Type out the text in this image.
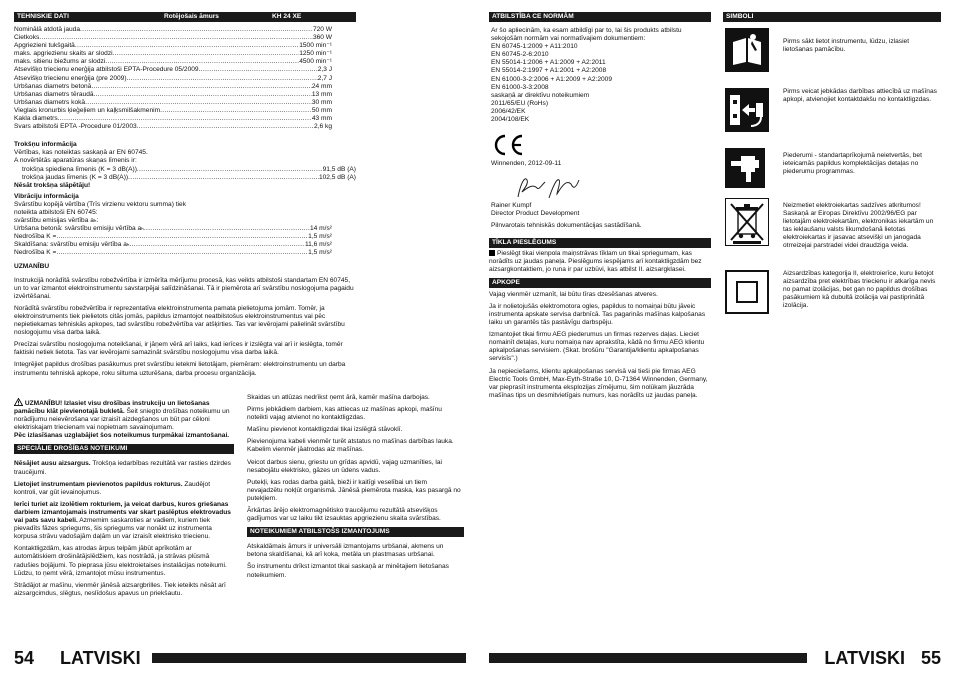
TEHNISKIE DATI	Rotējošais āmurs	KH 24 XE
Nominālā atdotā jauda .....	720 W
Cietkoks .....	360 W
Apgriezieni tukšgaitā .....	1500 min⁻¹
maks. apgriezienu skaits ar slodzi .....	1250 min⁻¹
maks. sitienu biežums ar slodzi .....	4500 min⁻¹
Atsevišķo triecienu enerģija atbilstoši EPTA-Procedure 05/2009 .....	2,3 J
Atsevišķo triecienu enerģija (pre 2009) .....	2,7 J
Urbšanas diametrs betonā .....	24 mm
Urbšanas diametrs tēraudā .....	13 mm
Urbšanas diametrs kokā .....	30 mm
Vieglais kronurbis ķieģeļiem un kaļķsmilšakmenim .....	50 mm
Kakla diametrs .....	43 mm
Svars atbilstoši EPTA -Procedure 01/2003 .....	2,6 kg
Trokšņu informācija
Vērtības, kas noteiktas saskaņā ar EN 60745.
A novērtētās aparatūras skaņas līmenis ir:
trokšņa spiediena līmenis (K = 3 dB(A)) .....	91,5 dB (A)
trokšņa jaudas līmenis (K = 3 dB(A)) .....	102,5 dB (A)
Nēsāt trokšņa slāpētāju!
Vibrāciju informācija
Svārstību kopējā vērtība (Trīs virzienu vektoru summa) tiek
noteikta atbilstoši EN 60745:
svārstību emisijas vērtība aₕ:
Urbšana betonā: svārstību emisiju vērtība aₕ .....	14 m/s²
Nedrošība K = .....	1,5 m/s²
Skaldīšana: svārstību emisiju vērtība aₕ .....	11,6 m/s²
Nedrošība K = .....	1,5 m/s²
UZMANĪBU

Instrukcijā norādītā svārstību robežvērtība ir izmērīta mērījumu procesā, kas veikts atbilstoši standartam EN 60745, un to var izmantot elektroinstrumentu savstarpējai salīdzināšanai. Tā ir piemērota arī svārstību noslogojuma pagaidu izvērtēšanai.

Norādītā svārstību robežvērtība ir reprezentatīva elektroinstrumenta pamata pielietojuma jomām. Tomēr, ja elektroinstruments tiek pielietots citās jomās, papildus izmantojot neatbilstošus elektroinstrumentus vai pēc nepietiekamas tehniskās apkopes, tad svārstību robežvērtība var atšķirties. Tas var ievērojami palielināt svārstību noslogojumu visa darba laikā.

Precīzai svārstību noslogojuma noteikšanai, ir jāņem vērā arī laiks, kad ierīces ir izslēgta vai arī ir ieslēgta, tomēr faktiski netiek lietota. Tas var ievērojami samazināt svārstību noslogojumu visa darba laikā.

Integrējiet papildus drošības pasākumus pret svārstību ietekmi lietotājam, piemēram: elektroinstrumentu un darba instrumentu tehniskā apkope, roku siltuma uzturēšana, darba procesu organizācija.

UZMANĪBU! Izlasiet visu drošības instrukciju un lietošanas pamācību klāt pievienotajā bukletā. Šeit sniegto drošības noteikumu un norādījumu neievērošana var izraisīt aizdegšanos un būt par cēloni elektriskajam triecienam vai nopietnam savainojumam.

Pēc izlasīšanas uzglabājiet šos noteikumus turpmākai izmantošanai.

SPECIĀLIE DROŠĪBAS NOTEIKUMI

Nēsājiet ausu aizsargus. Trokšņa iedarbības rezultātā var rasties dzirdes traucējumi.

Lietojiet instrumentam pievienotos papildus rokturus. Zaudējot kontroli, var gūt ievainojumus.

Ierīci turiet aiz izolētiem rokturiem, ja veicat darbus, kuros griešanas darbiem izmantojamais instruments var skart paslēptus elektrovadus vai pats savu kabeli. Azmemim saskaroties ar vadiem, kuriem tiek pievadīts fāzes spriegums, šis spriegums var nonākt uz instrumenta korpusa strāvu vadošajām daļām un var izraisīt elektrisko triecienu.

Kontaktligzdām, kas atrodas ārpus telpām jābūt aprīkotām ar automātiskiem drošinātājslēdžiem, kas nostrādā, ja strāvas plūsmā radušies bojājumi. To pieprasa jūsu elektroietaises instalācijas noteikumi. Lūdzu, to ņemt vērā, izmantojot mūsu instrumentus.

Strādājot ar mašīnu, vienmēr jānēsā aizsargbrilles. Tiek ieteikts nēsāt arī aizsargcimdus, slēgtus, neslīdošus apavus un priekšautu.

Skaidas un atlūzas nedrīkst ņemt ārā, kamēr mašīna darbojas.

Pirms jebkādiem darbiem, kas attiecas uz mašīnas apkopi, mašīnu noteikti vajag atvienot no kontaktligzdas.

Mašīnu pievienot kontaktligzdai tikai izslēgtā stāvoklī.

Pievienojuma kabeli vienmēr turēt atstatus no mašīnas darbības lauka. Kabelim vienmēr jāatrodas aiz mašīnas.

Veicot darbus sienu, griestu un grīdas apvidū, vajag uzmanīties, lai nesabojātu elektrisko, gāzes un ūdens vadus.

Putekļi, kas rodas darba gaitā, bieži ir kaitīgi veselībai un tiem nevajadzētu nokļūt organismā. Jānēsā piemērota maska, kas pasargā no putekļiem.

Ārkārtas ārējo elektromagnētisko traucējumu rezultātā atsevišķos gadījumos var uz laiku tikt izsauktas apgriezienu skaita svārstības.

NOTEIKUMIEM ATBILSTOŠS IZMANTOJUMS

Atskaldāmais āmurs ir universāli izmantojams urbšanai, akmens un betona skaldīšanai, kā arī koka, metāla un plastmasas urbšanai.

Šo instrumentu drīkst izmantot tikai saskaņā ar minētajiem lietošanas noteikumiem.

54 LATVISKI
ATBILSTĪBA CE NORMĀM
Ar šo apliecinām, ka esam atbildīgi par to, lai šis produkts atbilstu sekojošām normām vai normatīvajiem dokumentiem:
EN 60745-1:2009 + A11:2010
EN 60745-2-6:2010
EN 55014-1:2006 + A1:2009 + A2:2011
EN 55014-2:1997 + A1:2001 + A2:2008
EN 61000-3-2:2006 + A1:2009 + A2:2009
EN 61000-3-3:2008
saskaņā ar direktīvu noteikumiem
2011/65/EU (RoHs)
2006/42/EK
2004/108/EK
Winnenden, 2012-09-11
Rainer Kumpf
Director Product Development
Pilnvarotais tehniskās dokumentācijas sastādīšanā.
TĪKLA PIESLĒGUMS

Pieslēgt tikai vienpola maiņstrāvas tīklam un tikai spriegumam, kas norādīts uz jaudas paneļa. Pieslēgums iespējams arī kontaktligzdām bez aizsargkontaktiem, jo runa ir par uzbūvi, kas atbilst II. aizsargklasei.

APKOPE

Vajag vienmēr uzmanīt, lai būtu tīras dzesēšanas atveres.

Ja ir nolietojušās elektromotora ogles, papildus to nomaiņai būtu jāveic instrumenta apskate servisa darbnīcā. Tas pagarinās mašīnas kalpošanas laiku un garantēs tās pastāvīgu darbspēju.

Izmantojiet tikai firmu AEG piederumus un firmas rezerves daļas. Lieciet nomainīt detaļas, kuru nomaiņa nav aprakstīta, kādā no firmu AEG klientu apkalpošanas servisiem. (Skat. brošūru "Garantija/klientu apkalpošanas servisīs".)

Ja nepieciešams, klientu apkalpošanas servisā vai tieši pie firmas AEG Electric Tools GmbH, Max-Eyth-Straße 10, D-71364 Winnenden, Germany, var pieprasīt instrumenta eksplozijas zīmējumu, šim nolūkam jāuzrāda mašīnas tips un desmitvietīgais numurs, kas norādīts uz jaudas paneļa.

SIMBOLI
Pirms sākt lietot instrumentu, lūdzu, izlasiet lietošanas pamācību.
Pirms veicat jebkādas darbības attiecībā uz mašīnas apkopi, atvienojiet kontaktdakšu no kontaktligzdas.
Piederumi - standartaprīkojumā neietvertās, bet ieteicamās papildus komplektācijas detaļas no piederumu programmas.
Neizmetiet elektroiekartas sadzīves atkritumos! Saskaņā ar Eiropas Direktīvu 2002/96/EG par lietotajām elektroiekartām, elektronikas iekartām un tas ieklaušanu valsts likumdošanā lietotas elektroiekartas ir jasavac atsevišķi un janogada otrreizejai parstradei videi draudziga veida.
Aizsardzības kategorija II, elektroierīce, kuru lietojot aizsardzība pret elektrības triecienu ir atkarīga nevis no pamat izolācijas, bet gan no papildus drošības pasākumiem kā dubultā izolācija vai pastiprinātā izolācija.
LATVISKI 55
